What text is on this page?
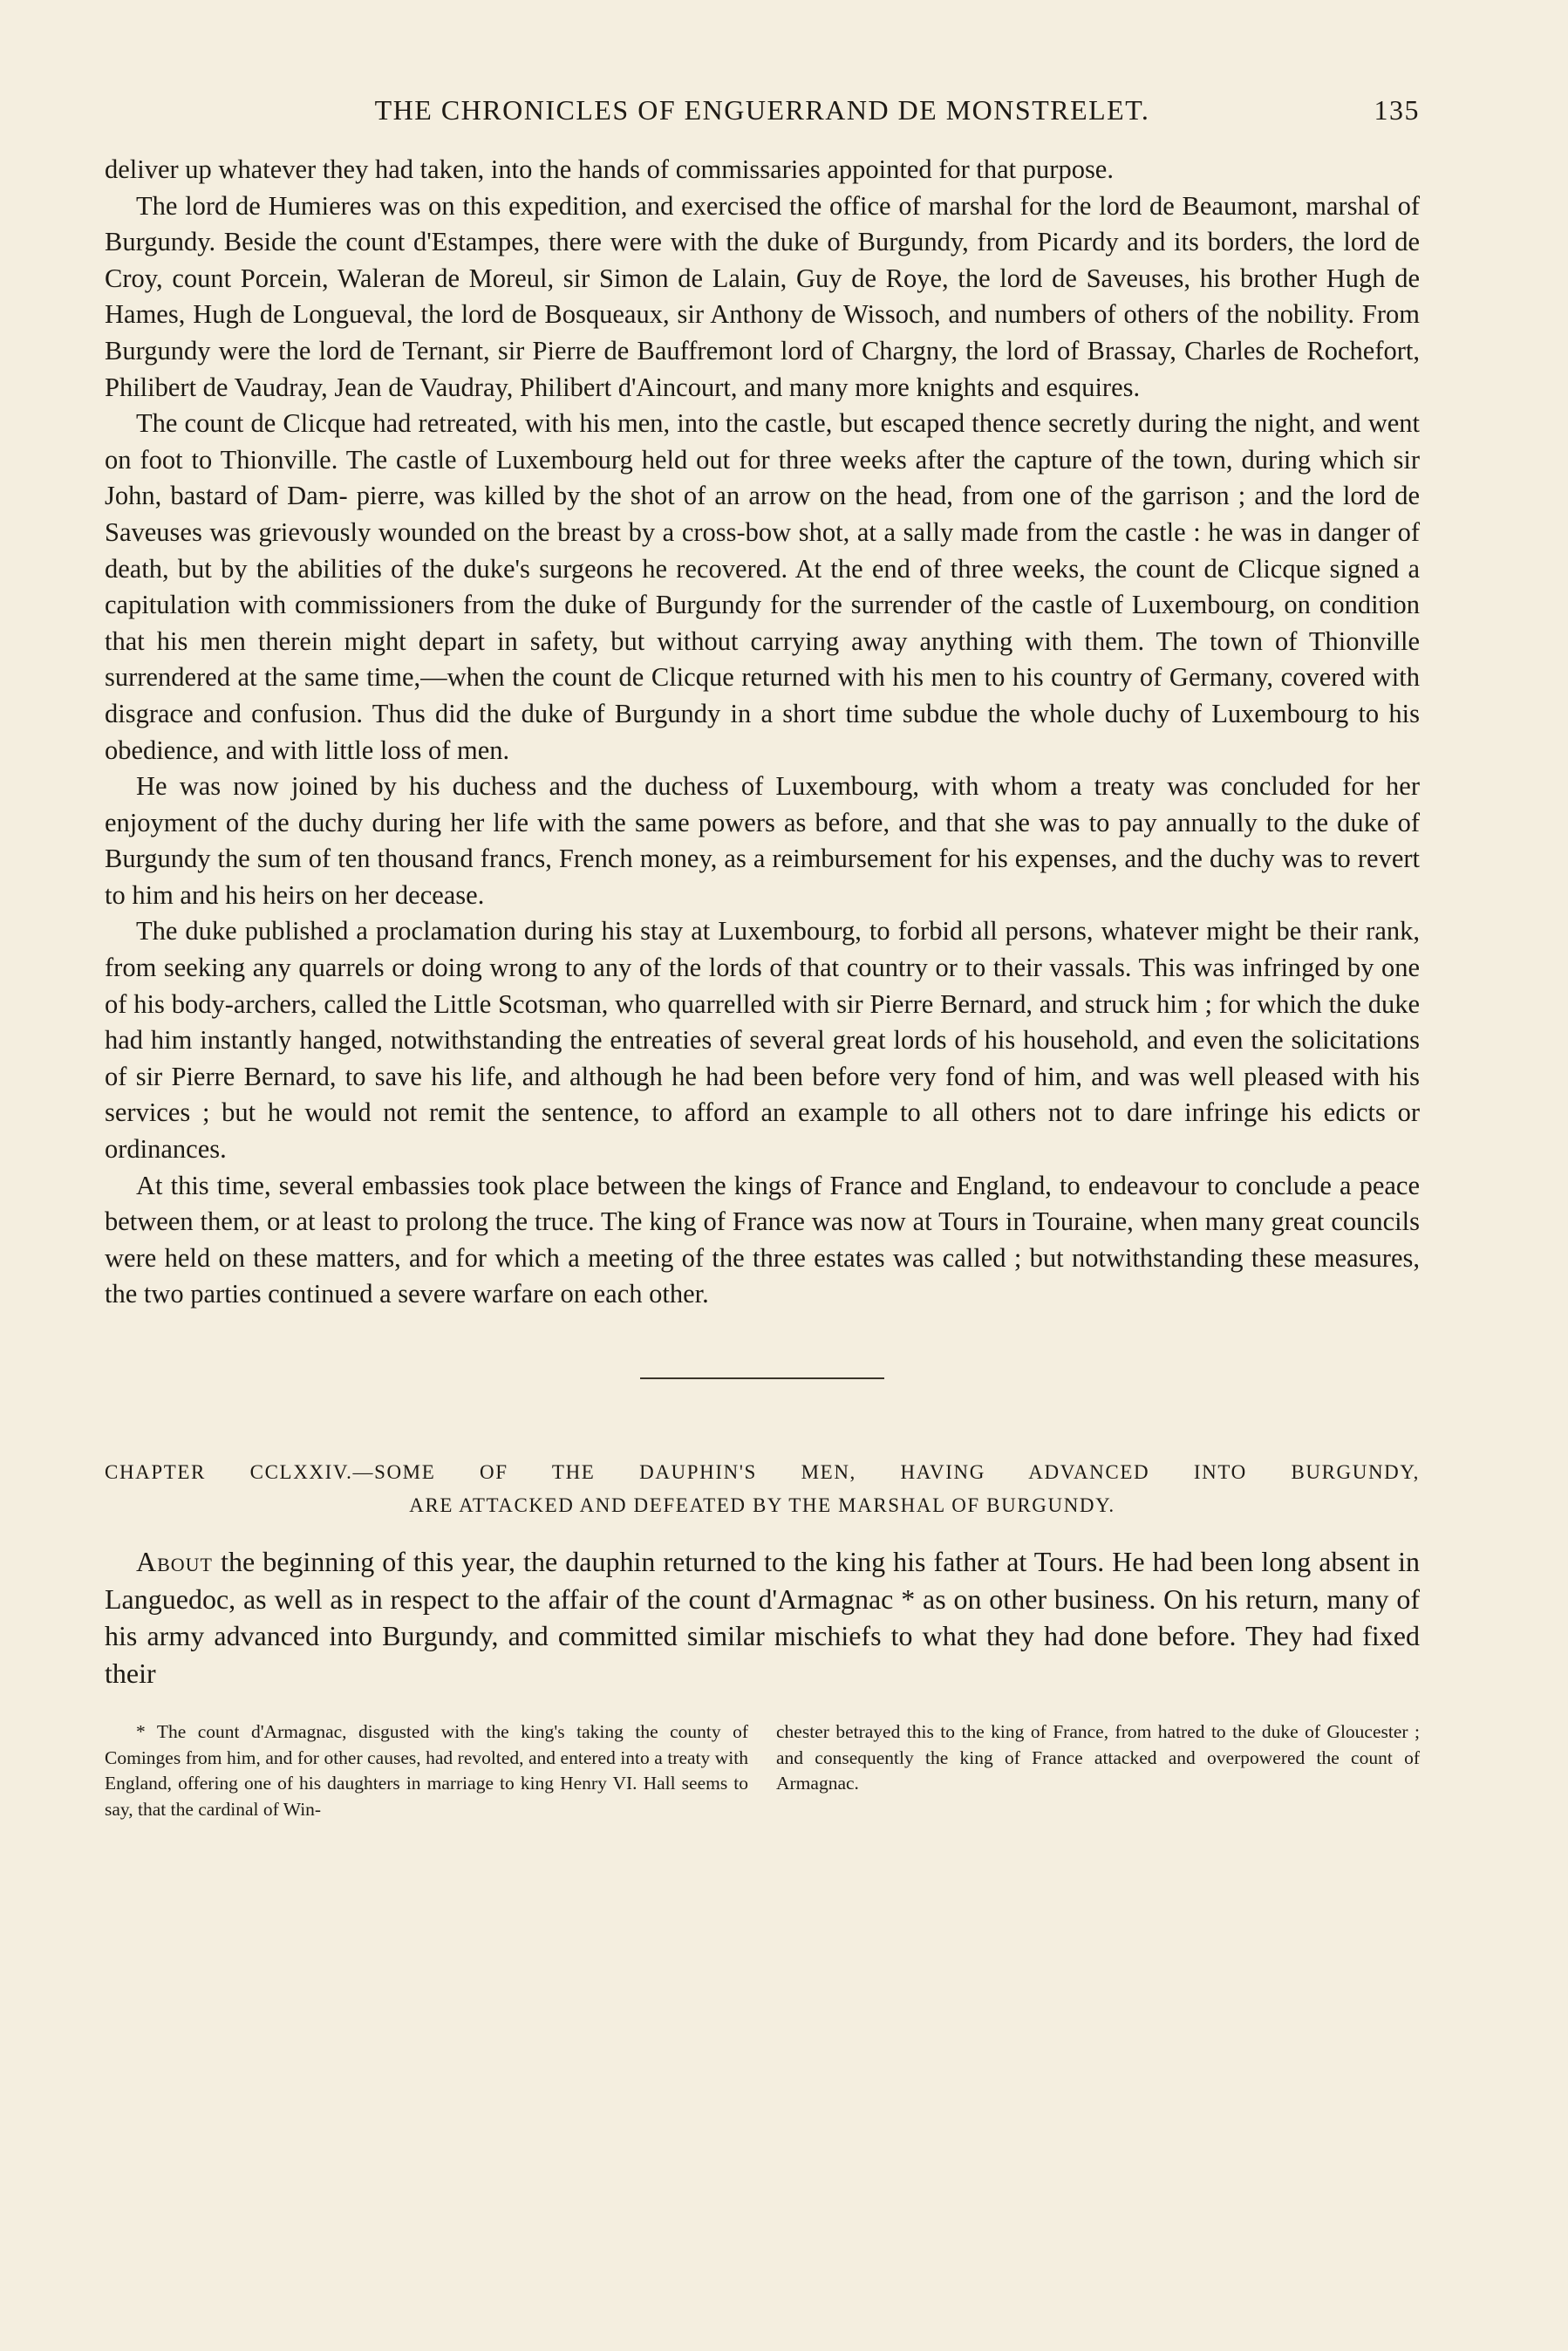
THE CHRONICLES OF ENGUERRAND DE MONSTRELET.	135

deliver up whatever they had taken, into the hands of commissaries appointed for that purpose.

The lord de Humieres was on this expedition, and exercised the office of marshal for the lord de Beaumont, marshal of Burgundy. Beside the count d'Estampes, there were with the duke of Burgundy, from Picardy and its borders, the lord de Croy, count Porcein, Waleran de Moreul, sir Simon de Lalain, Guy de Roye, the lord de Saveuses, his brother Hugh de Hames, Hugh de Longueval, the lord de Bosqueaux, sir Anthony de Wissoch, and numbers of others of the nobility. From Burgundy were the lord de Ternant, sir Pierre de Bauffremont lord of Chargny, the lord of Brassay, Charles de Rochefort, Philibert de Vaudray, Jean de Vaudray, Philibert d'Aincourt, and many more knights and esquires.

The count de Clicque had retreated, with his men, into the castle, but escaped thence secretly during the night, and went on foot to Thionville. The castle of Luxembourg held out for three weeks after the capture of the town, during which sir John, bastard of Dam- pierre, was killed by the shot of an arrow on the head, from one of the garrison ; and the lord de Saveuses was grievously wounded on the breast by a cross-bow shot, at a sally made from the castle : he was in danger of death, but by the abilities of the duke's surgeons he recovered. At the end of three weeks, the count de Clicque signed a capitulation with commissioners from the duke of Burgundy for the surrender of the castle of Luxembourg, on condition that his men therein might depart in safety, but without carrying away anything with them. The town of Thionville surrendered at the same time,—when the count de Clicque returned with his men to his country of Germany, covered with disgrace and confusion. Thus did the duke of Burgundy in a short time subdue the whole duchy of Luxembourg to his obedience, and with little loss of men.

He was now joined by his duchess and the duchess of Luxembourg, with whom a treaty was concluded for her enjoyment of the duchy during her life with the same powers as before, and that she was to pay annually to the duke of Burgundy the sum of ten thousand francs, French money, as a reimbursement for his expenses, and the duchy was to revert to him and his heirs on her decease.

The duke published a proclamation during his stay at Luxembourg, to forbid all persons, whatever might be their rank, from seeking any quarrels or doing wrong to any of the lords of that country or to their vassals. This was infringed by one of his body-archers, called the Little Scotsman, who quarrelled with sir Pierre Bernard, and struck him ; for which the duke had him instantly hanged, notwithstanding the entreaties of several great lords of his household, and even the solicitations of sir Pierre Bernard, to save his life, and although he had been before very fond of him, and was well pleased with his services ; but he would not remit the sentence, to afford an example to all others not to dare infringe his edicts or ordinances.

At this time, several embassies took place between the kings of France and England, to endeavour to conclude a peace between them, or at least to prolong the truce. The king of France was now at Tours in Touraine, when many great councils were held on these matters, and for which a meeting of the three estates was called ; but notwithstanding these measures, the two parties continued a severe warfare on each other.

CHAPTER CCLXXIV.—SOME OF THE DAUPHIN'S MEN, HAVING ADVANCED INTO BURGUNDY,
ARE ATTACKED AND DEFEATED BY THE MARSHAL OF BURGUNDY.

About the beginning of this year, the dauphin returned to the king his father at Tours. He had been long absent in Languedoc, as well as in respect to the affair of the count d'Armagnac * as on other business. On his return, many of his army advanced into Burgundy, and committed similar mischiefs to what they had done before. They had fixed their

* The count d'Armagnac, disgusted with the king's taking the county of Cominges from him, and for other causes, had revolted, and entered into a treaty with England, offering one of his daughters in marriage to king Henry VI. Hall seems to say, that the cardinal of Win-
chester betrayed this to the king of France, from hatred to the duke of Gloucester ; and consequently the king of France attacked and overpowered the count of Armagnac.
